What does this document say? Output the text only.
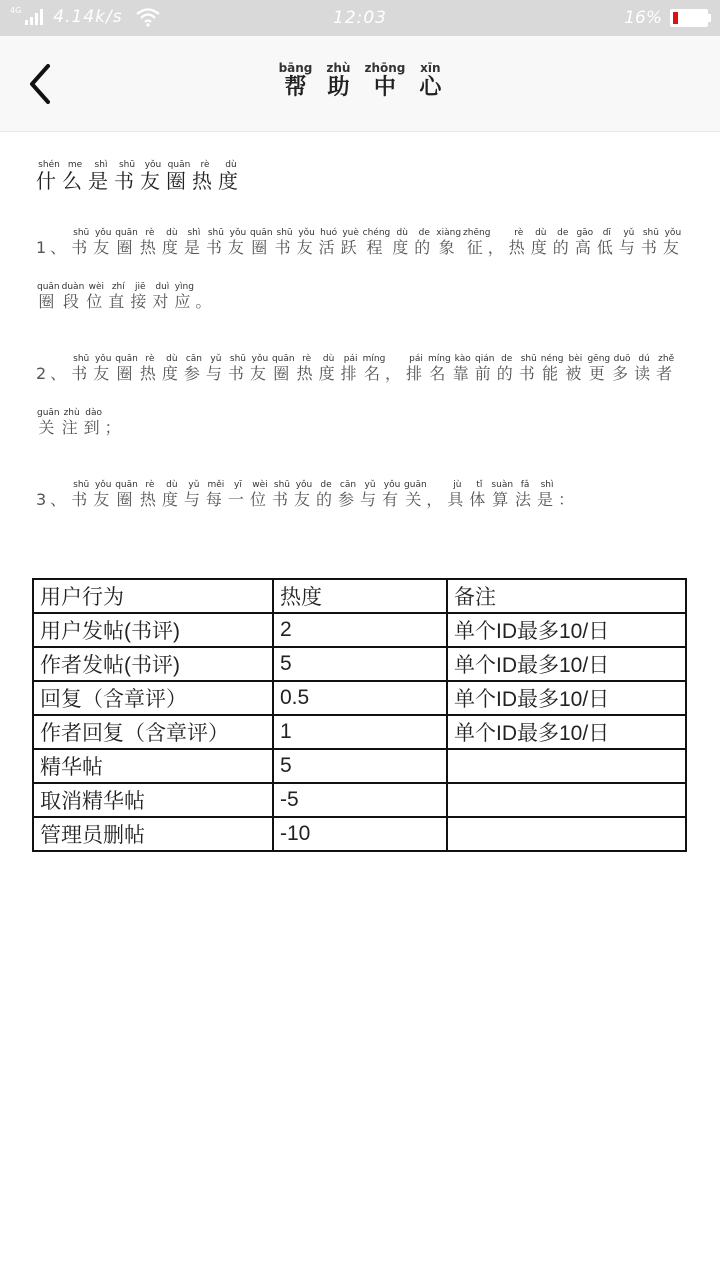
4G 4.14k/s	12:03	16%
帮bāng助zhù中zhōng心xīn
什shén么me是shì书shū友yǒu圈quān热rè度dù
1、书shū友yǒu圈quān热rè度dù是shì书shū友yǒu圈quān书shū友yǒu活huó跃yuè程chéng度dù的de象xiàng征zhēng，热rè度dù的de高gāo低dī与yǔ书shū友yǒu圈quān段duàn位wèi直zhí接jiē对duì应yìng。
2、书shū友yǒu圈quān热rè度dù参cān与yǔ书shū友yǒu圈quān热rè度dù排pái名míng，排pái名míng靠kào前qián的de书shū能néng被bèi更gēng多duō读dú者zhě关guān注zhù到dào；
3、书shū友yǒu圈quān热rè度dù与yǔ每měi一yī位wèi书shū友yǒu的de参cān与yǔ有yǒu关guān，具jù体tǐ算suàn法fǎ是shì：
用户行为	热度	备注
用户发帖(书评)	2	单个ID最多10/日
作者发帖(书评)	5	单个ID最多10/日
回复（含章评）	0.5	单个ID最多10/日
作者回复（含章评）	1	单个ID最多10/日
精华帖	5	
取消精华帖	-5	
管理员删帖	-10	
